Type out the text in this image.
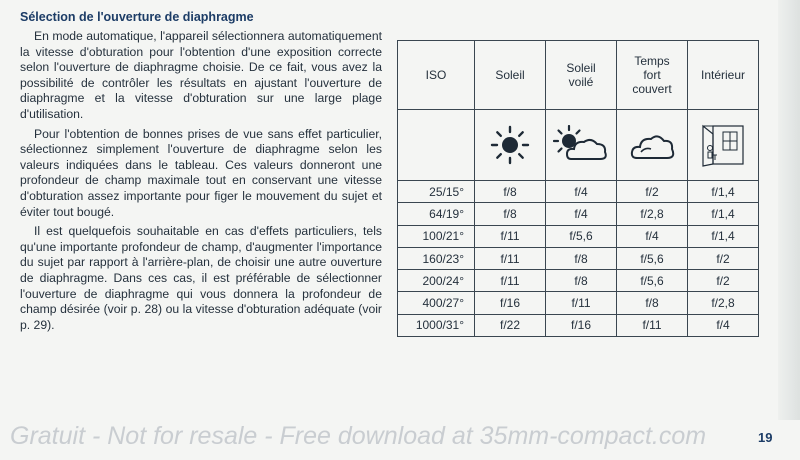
Sélection de l'ouverture de diaphragme

En mode automatique, l'appareil sélectionnera automatiquement la vitesse d'obturation pour l'obtention d'une exposition correcte selon l'ouverture de diaphragme choisie. De ce fait, vous avez la possibilité de contrôler les résultats en ajustant l'ouverture de diaphragme et la vitesse d'obturation sur une large plage d'utilisation.

Pour l'obtention de bonnes prises de vue sans effet particulier, sélectionnez simplement l'ouverture de diaphragme selon les valeurs indiquées dans le tableau. Ces valeurs donneront une profondeur de champ maximale tout en conservant une vitesse d'obturation assez importante pour figer le mouvement du sujet et éviter tout bougé.

Il est quelquefois souhaitable en cas d'effets particuliers, tels qu'une importante profondeur de champ, d'augmenter l'importance du sujet par rapport à l'arrière-plan, de choisir une autre ouverture de diaphragme. Dans ces cas, il est préférable de sélectionner l'ouverture de diaphragme qui vous donnera la profondeur de champ désirée (voir p. 28) ou la vitesse d'obturation adéquate (voir p. 29).

ISO	Soleil	Soleil voilé	Temps fort couvert	Intérieur

25/15°	f/8	f/4	f/2	f/1,4
64/19°	f/8	f/4	f/2,8	f/1,4
100/21°	f/11	f/5,6	f/4	f/1,4
160/23°	f/11	f/8	f/5,6	f/2
200/24°	f/11	f/8	f/5,6	f/2
400/27°	f/16	f/11	f/8	f/2,8
1000/31°	f/22	f/16	f/11	f/4
Gratuit - Not for resale - Free download at 35mm-compact.com	19
